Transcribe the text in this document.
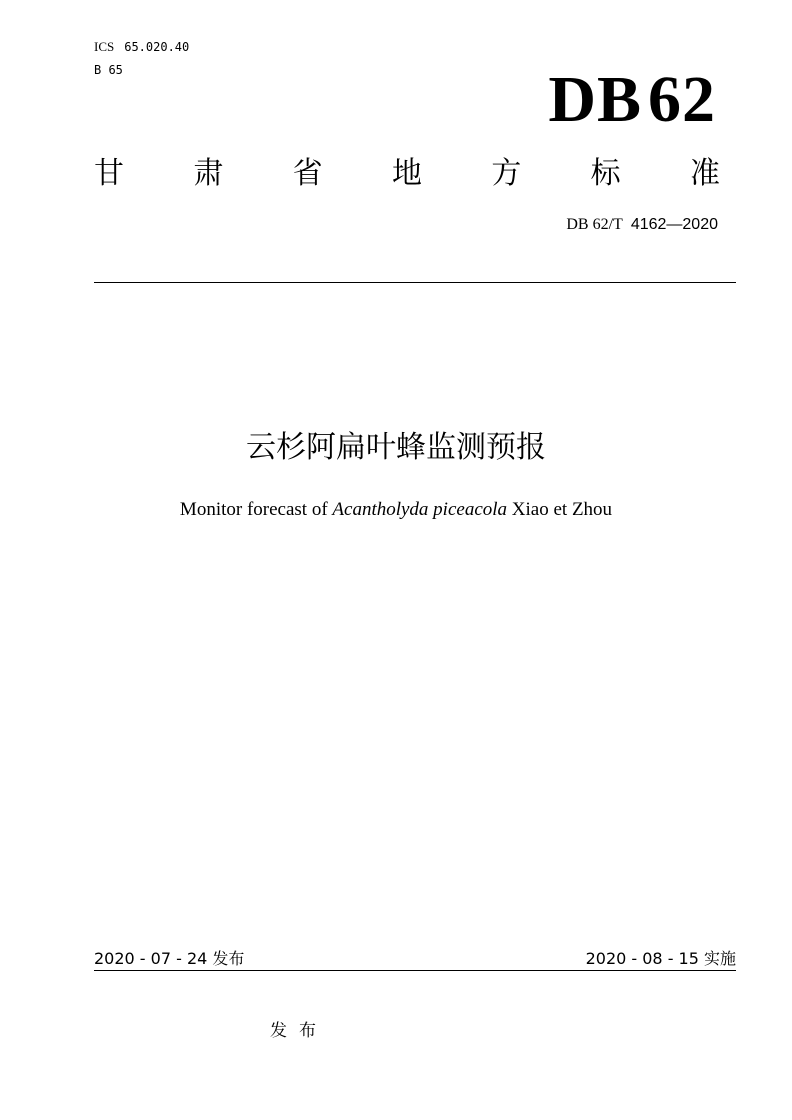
ICS 65.020.40
B 65	DB62
甘 肃 省 地 方 标 准
DB 62/T 4162—2020
云杉阿扁叶蜂监测预报
Monitor forecast of Acantholyda piceacola Xiao et Zhou
2020 - 07 - 24 发布	2020 - 08 - 15 实施
发布
